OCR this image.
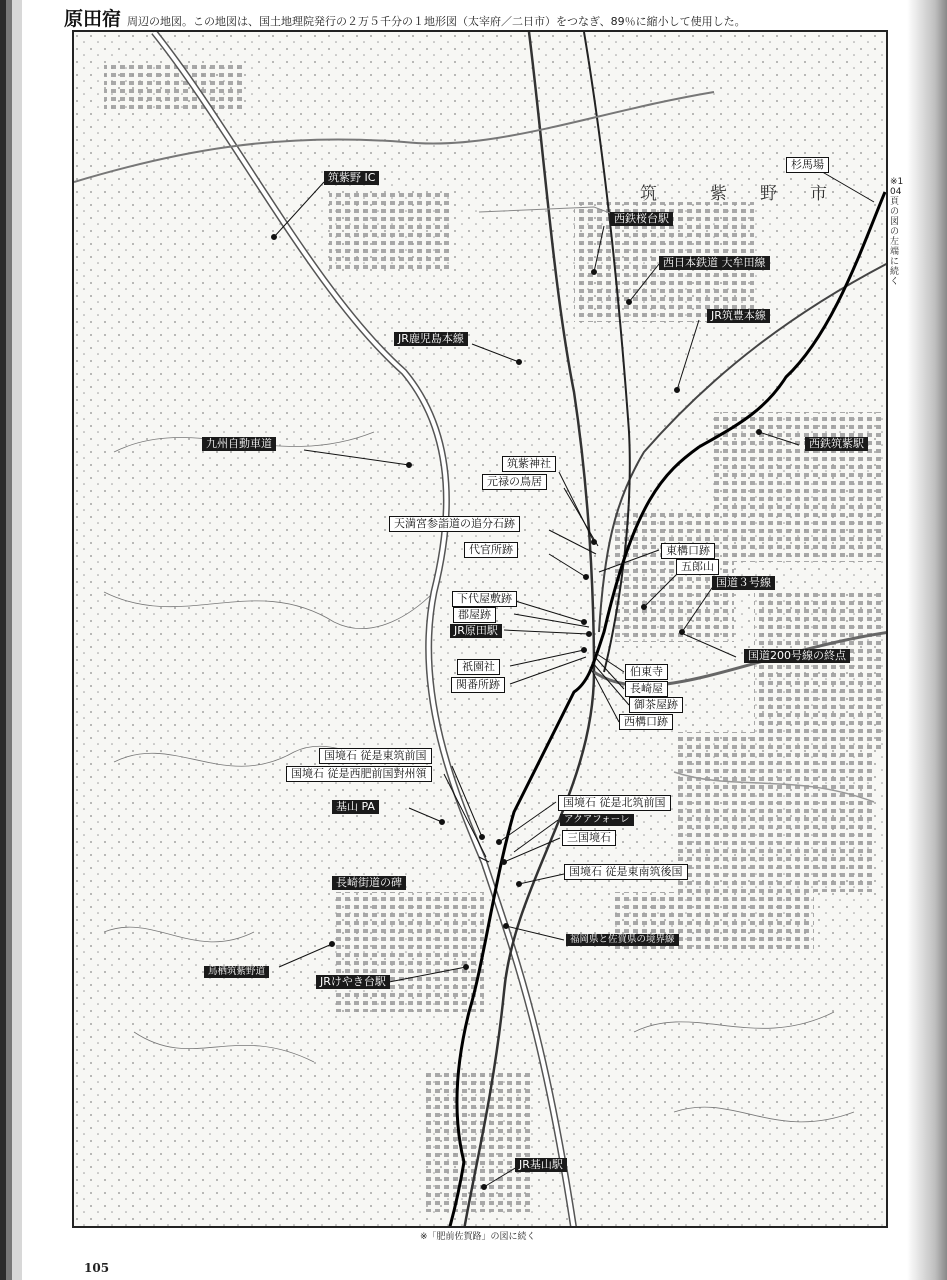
原田宿 周辺の地図。この地図は、国土地理院発行の２万５千分の１地形図（太宰府／二日市）をつなぎ、89％に縮小して使用した。
筑	紫 野 市
筑紫野 IC
杉馬場
西鉄桜台駅
西日本鉄道 大牟田線
JR筑豊本線
JR鹿児島本線
西鉄筑紫駅
九州自動車道
筑紫神社
元禄の鳥居
天満宮参詣道の追分石跡
代官所跡	東構口跡
五郎山
国道３号線
下代屋敷跡
郡屋跡
JR原田駅
国道200号線の終点
祇園社
関番所跡
伯東寺
長崎屋
御茶屋跡
西構口跡
国境石 従是東筑前国
国境石 従是西肥前国對州領
基山 PA	国境石 従是北筑前国
アクアフォーレ
三国境石
長崎街道の碑
国境石 従是東南筑後国
福岡県と佐賀県の境界線
鳥栖筑紫野道
JRけやき台駅
JR基山駅
※104頁の図の左端に続く
※「肥前佐賀路」の図に続く
105
